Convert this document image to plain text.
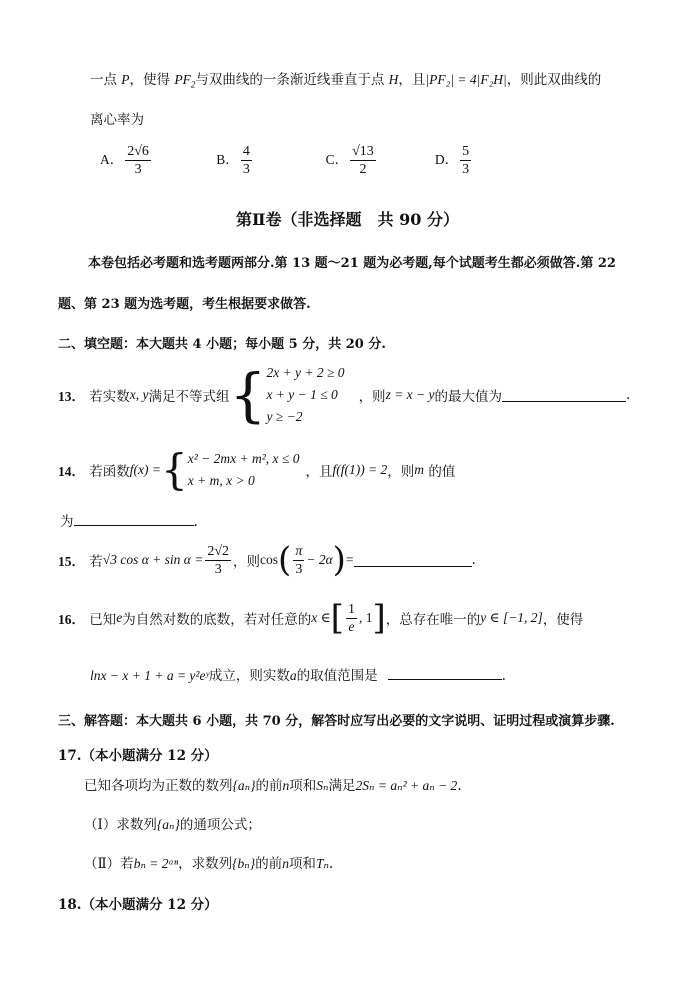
一点 P，使得 $PF_2$与双曲线的一条渐近线垂直于点 H，且|PF₂| = 4|F₂H|，则此双曲线的
离心率为
A． $\frac{2√6}{3}$	B． $\frac{4}{3}$	C． $\frac{√13}{2}$	D． $\frac{5}{3}$
第Ⅱ卷（非选择题　共 90 分）
本卷包括必考题和选考题两部分.第 13 题～21 题为必考题,每个试题考生都必须做答.第 22
题、第 23 题为选考题，考生根据要求做答.
二、填空题：本大题共 4 小题；每小题 5 分，共 20 分.
13． 若实数x, y满足不等式组{ 2x + y + 2 ≥ 0
x + y − 1 ≤ 0
y ≥ −2
，则z = x − y的最大值为	.
14． 若函数f(x) ={ x² − 2mx + m², x ≤ 0
x + m, x > 0
，且f(f(1)) = 2，则m 的值
为	.
15． 若√3 $\cos \alpha + \sin \alpha = \frac{2√2}{3}$ ，则$\cos( \frac{\pi}{3} - 2\alpha)=$	.
16． 已知e为自然对数的底数，若对任意的x ∈[ $\frac{1}{e}$ , 1]，总存在唯一的y ∈ [−1, 2]，使得
lnx − x + 1 + a = y²eʸ成立，则实数a的取值范围是	.
三、解答题：本大题共 6 小题，共 70 分，解答时应写出必要的文字说明、证明过程或演算步骤.
17.（本小题满分 12 分）
已知各项均为正数的数列{aₙ}的前n项和Sₙ满足2Sₙ = aₙ² + aₙ − 2.
（Ⅰ）求数列{aₙ}的通项公式；
（Ⅱ）若bₙ = 2ᵃⁿ，求数列{bₙ}的前n项和Tₙ.
18.（本小题满分 12 分）
